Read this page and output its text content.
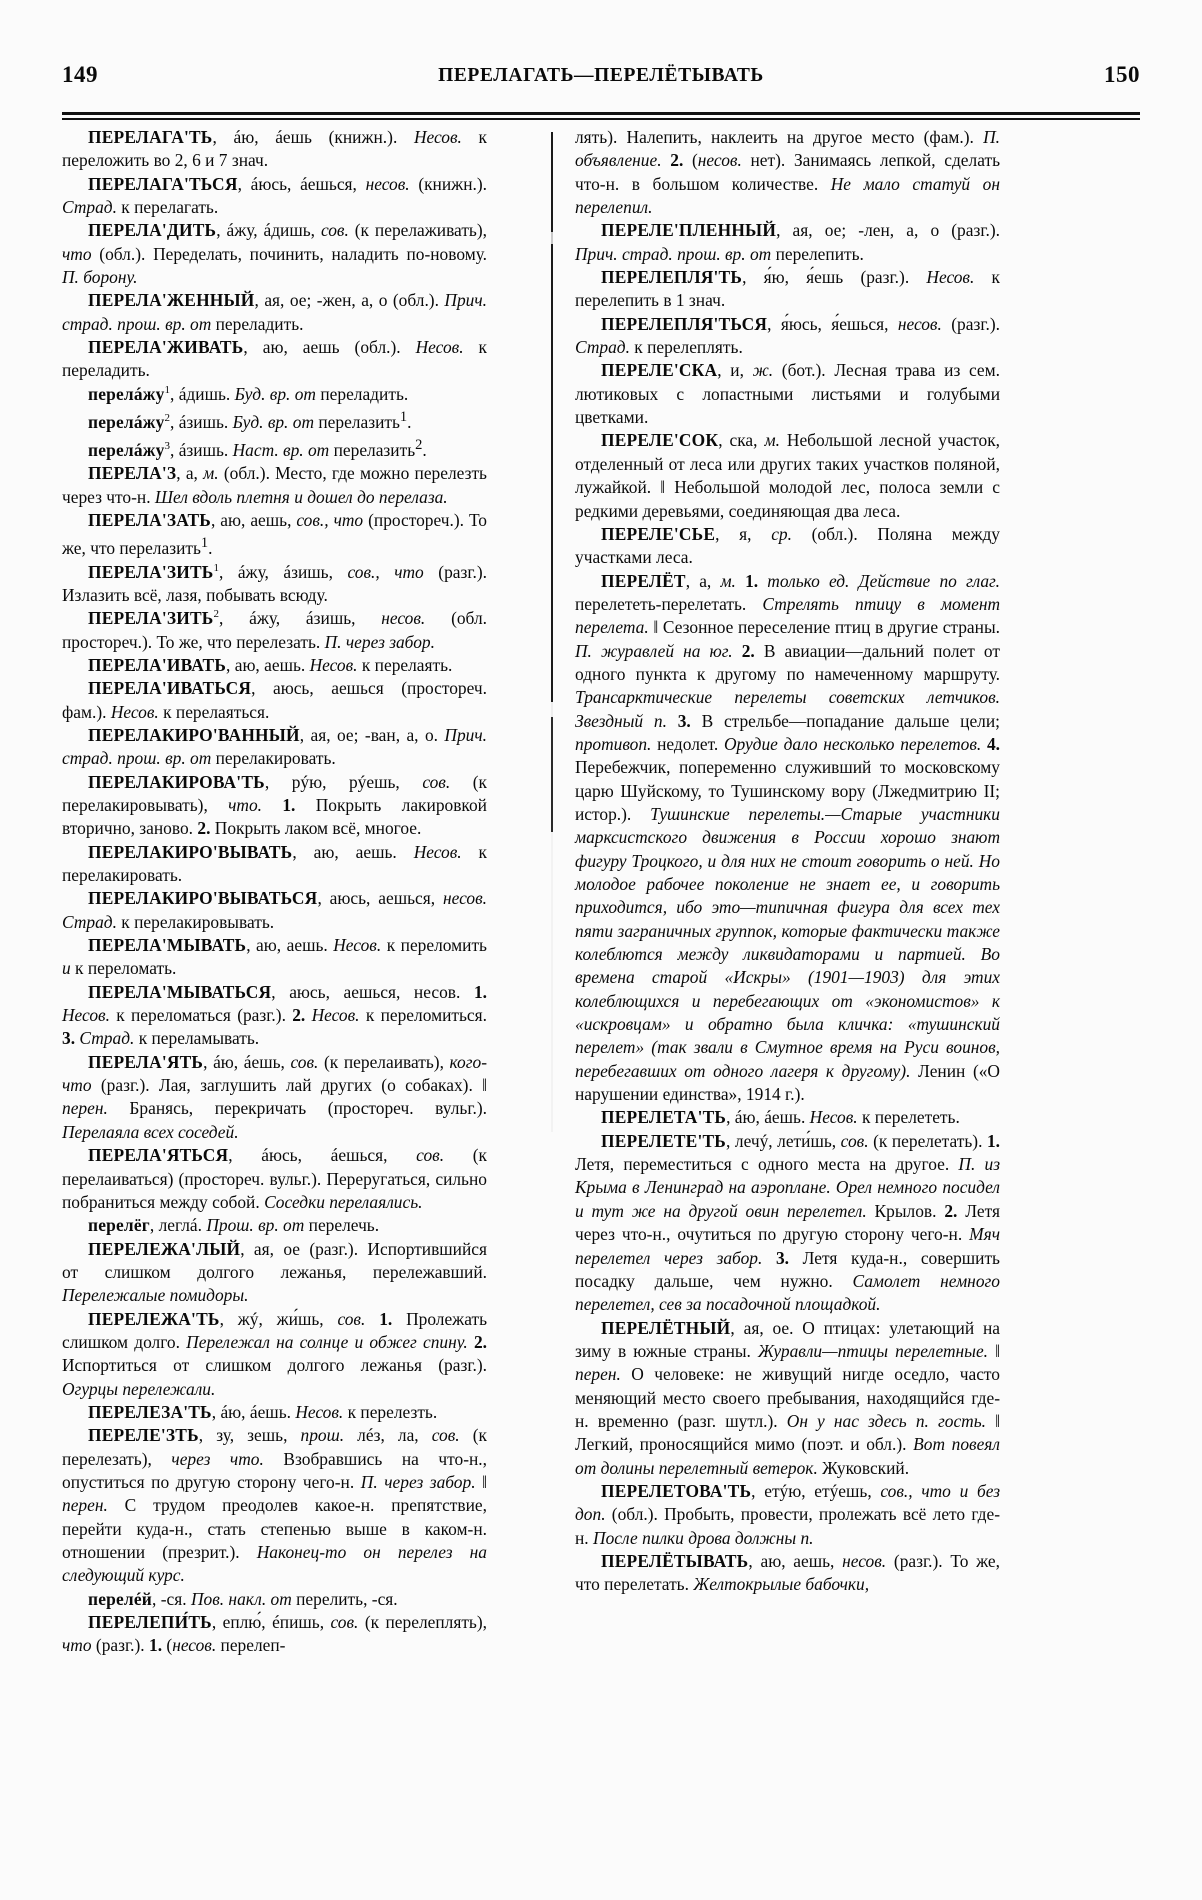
149	ПЕРЕЛАГАТЬ—ПЕРЕЛЁТЫВАТЬ	150

ПЕРЕЛАГА'ТЬ, áю, áешь (книжн.). Несов. к переложить во 2, 6 и 7 знач.

ПЕРЕЛАГА'ТЬСЯ, áюсь, áешься, несов. (книжн.). Страд. к перелагать.

ПЕРЕЛА'ДИТЬ, áжу, áдишь, сов. (к перелаживать), что (обл.). Переделать, починить, наладить по-новому. П. борону.

ПЕРЕЛА'ЖЕННЫЙ, ая, ое; -жен, а, о (обл.). Прич. страд. прош. вр. от переладить.

ПЕРЕЛА'ЖИВАТЬ, аю, аешь (обл.). Несов. к переладить.

перелáжу$^1$, áдишь. Буд. вр. от переладить.

перелáжу$^2$, áзишь. Буд. вр. от перелазить$^1$.

перелáжу$^3$, áзишь. Наст. вр. от перелазить$^2$.

ПЕРЕЛА'З, а, м. (обл.). Место, где можно перелезть через что-н. Шел вдоль плетня и дошел до перелаза.

ПЕРЕЛА'ЗАТЬ, аю, аешь, сов., что (простореч.). То же, что перелазить$^1$.

ПЕРЕЛА'ЗИТЬ$^1$, áжу, áзишь, сов., что (разг.). Излазить всё, лазя, побывать всюду.

ПЕРЕЛА'ЗИТЬ$^2$, áжу, áзишь, несов. (обл. простореч.). То же, что перелезать. П. через забор.

ПЕРЕЛА'ИВАТЬ, аю, аешь. Несов. к перелаять.

ПЕРЕЛА'ИВАТЬСЯ, аюсь, аешься (простореч. фам.). Несов. к перелаяться.

ПЕРЕЛАКИРО'ВАННЫЙ, ая, ое; -ван, а, о. Прич. страд. прош. вр. от перелакировать.

ПЕРЕЛАКИРОВА'ТЬ, рýю, рýешь, сов. (к перелакировывать), что. 1. Покрыть лакировкой вторично, заново. 2. Покрыть лаком всё, многое.

ПЕРЕЛАКИРО'ВЫВАТЬ, аю, аешь. Несов. к перелакировать.

ПЕРЕЛАКИРО'ВЫВАТЬСЯ, аюсь, аешься, несов. Страд. к перелакировывать.

ПЕРЕЛА'МЫВАТЬ, аю, аешь. Несов. к переломить и к переломать.

ПЕРЕЛА'МЫВАТЬСЯ, аюсь, аешься, несов. 1. Несов. к переломаться (разг.). 2. Несов. к переломиться. 3. Страд. к переламывать.

ПЕРЕЛА'ЯТЬ, áю, áешь, сов. (к перелаивать), кого-что (разг.). Лая, заглушить лай других (о собаках). ‖ перен. Бранясь, перекричать (простореч. вульг.). Перелаяла всех соседей.

ПЕРЕЛА'ЯТЬСЯ, áюсь, áешься, сов. (к перелаиваться) (простореч. вульг.). Переругаться, сильно побраниться между собой. Соседки перелаялись.

перелёг, леглá. Прош. вр. от перелечь.

ПЕРЕЛЕЖА'ЛЫЙ, ая, ое (разг.). Испортившийся от слишком долгого лежанья, перележавший. Перележалые помидоры.

ПЕРЕЛЕЖА'ТЬ, жý, жи́шь, сов. 1. Пролежать слишком долго. Перележал на солнце и обжег спину. 2. Испортиться от слишком долгого лежанья (разг.). Огурцы перележали.

ПЕРЕЛЕЗА'ТЬ, áю, áешь. Несов. к перелезть.

ПЕРЕЛЕ'ЗТЬ, зу, зешь, прош. лéз, ла, сов. (к перелезать), через что. Взобравшись на что-н., опуститься по другую сторону чего-н. П. через забор. ‖ перен. С трудом преодолев какое-н. препятствие, перейти куда-н., стать степенью выше в каком-н. отношении (презрит.). Наконец-то он перелез на следующий курс.

перелéй, -ся. Пов. накл. от перелить, -ся.

ПЕРЕЛЕПИ́ТЬ, еплю́, éпишь, сов. (к перелеплять), что (разг.). 1. (несов. перелеп-

лять). Налепить, наклеить на другое место (фам.). П. объявление. 2. (несов. нет). Занимаясь лепкой, сделать что-н. в большом количестве. Не мало статуй он перелепил.

ПЕРЕЛЕ'ПЛЕННЫЙ, ая, ое; -лен, а, о (разг.). Прич. страд. прош. вр. от перелепить.

ПЕРЕЛЕПЛЯ'ТЬ, я́ю, я́ешь (разг.). Несов. к перелепить в 1 знач.

ПЕРЕЛЕПЛЯ'ТЬСЯ, я́юсь, я́ешься, несов. (разг.). Страд. к перелеплять.

ПЕРЕЛЕ'СКА, и, ж. (бот.). Лесная трава из сем. лютиковых с лопастными листьями и голубыми цветками.

ПЕРЕЛЕ'СОК, ска, м. Небольшой лесной участок, отделенный от леса или других таких участков поляной, лужайкой. ‖ Небольшой молодой лес, полоса земли с редкими деревьями, соединяющая два леса.

ПЕРЕЛЕ'СЬЕ, я, ср. (обл.). Поляна между участками леса.

ПЕРЕЛЁТ, а, м. 1. только ед. Действие по глаг. перелететь-перелетать. Стрелять птицу в момент перелета. ‖ Сезонное переселение птиц в другие страны. П. журавлей на юг. 2. В авиации—дальний полет от одного пункта к другому по намеченному маршруту. Трансарктические перелеты советских летчиков. Звездный п. 3. В стрельбе—попадание дальше цели; противоп. недолет. Орудие дало несколько перелетов. 4. Перебежчик, попеременно служивший то московскому царю Шуйскому, то Тушинскому вору (Лжедмитрию II; истор.). Тушинские перелеты.—Старые участники марксистского движения в России хорошо знают фигуру Троцкого, и для них не стоит говорить о ней. Но молодое рабочее поколение не знает ее, и говорить приходится, ибо это—типичная фигура для всех тех пяти заграничных группок, которые фактически также колеблются между ликвидаторами и партией. Во времена старой «Искры» (1901—1903) для этих колеблющихся и перебегающих от «экономистов» к «искровцам» и обратно была кличка: «тушинский перелет» (так звали в Смутное время на Руси воинов, перебегавших от одного лагеря к другому). Ленин («О нарушении единства», 1914 г.).

ПЕРЕЛЕТА'ТЬ, áю, áешь. Несов. к перелететь.

ПЕРЕЛЕТЕ'ТЬ, лечý, лети́шь, сов. (к перелетать). 1. Летя, переместиться с одного места на другое. П. из Крыма в Ленинград на аэроплане. Орел немного посидел и тут же на другой овин перелетел. Крылов. 2. Летя через что-н., очутиться по другую сторону чего-н. Мяч перелетел через забор. 3. Летя куда-н., совершить посадку дальше, чем нужно. Самолет немного перелетел, сев за посадочной площадкой.

ПЕРЕЛЁТНЫЙ, ая, ое. О птицах: улетающий на зиму в южные страны. Журавли—птицы перелетные. ‖ перен. О человеке: не живущий нигде оседло, часто меняющий место своего пребывания, находящийся где-н. временно (разг. шутл.). Он у нас здесь п. гость. ‖ Легкий, проносящийся мимо (поэт. и обл.). Вот повеял от долины перелетный ветерок. Жуковский.

ПЕРЕЛЕТОВА'ТЬ, етýю, етýешь, сов., что и без доп. (обл.). Пробыть, провести, пролежать всё лето где-н. После пилки дрова должны п.

ПЕРЕЛЁТЫВАТЬ, аю, аешь, несов. (разг.). То же, что перелетать. Желтокрылые бабочки,
